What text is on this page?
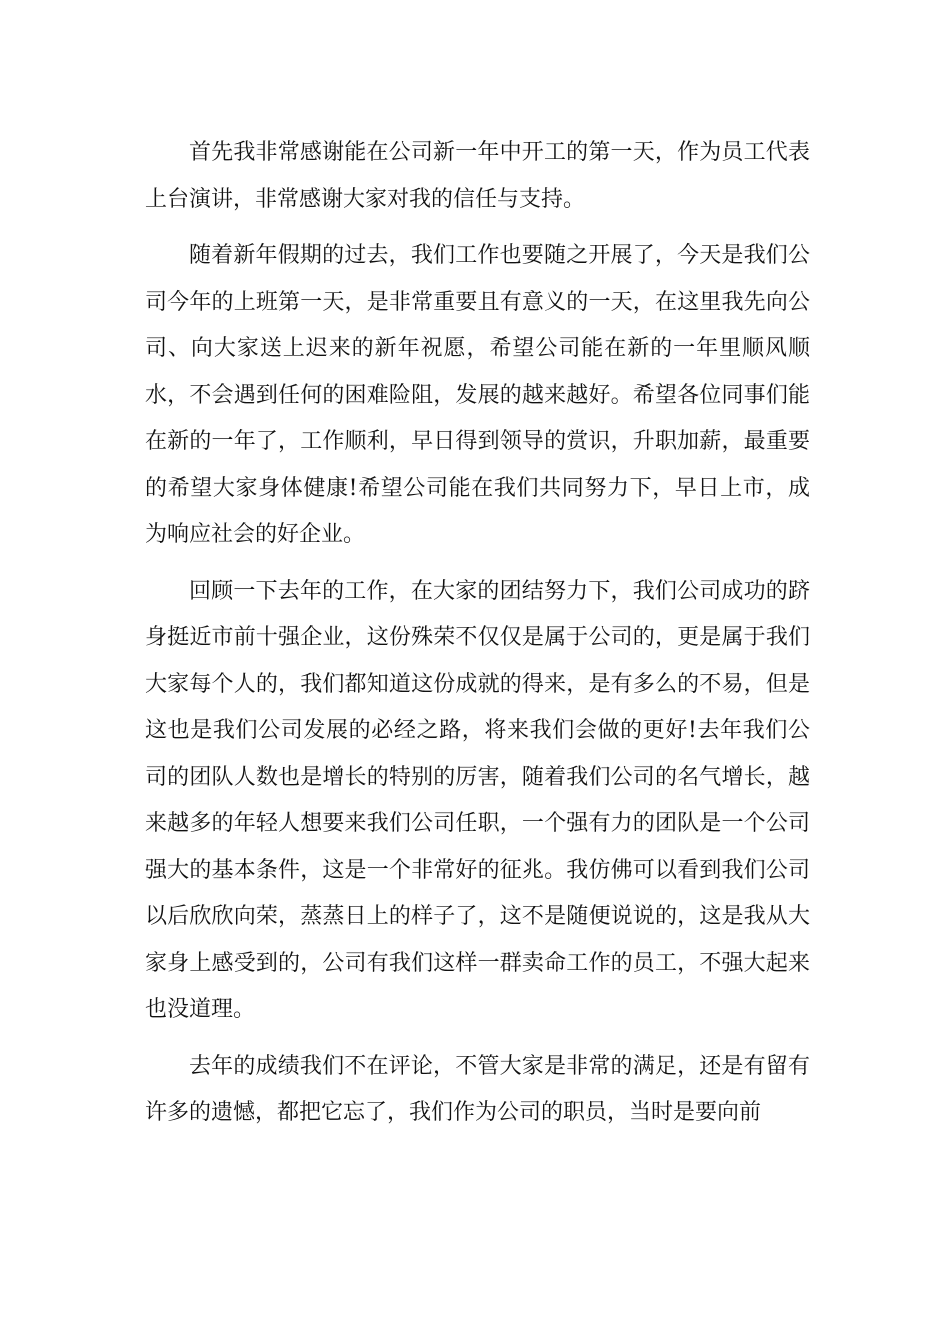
首先我非常感谢能在公司新一年中开工的第一天，作为员工代表上台演讲，非常感谢大家对我的信任与支持。

随着新年假期的过去，我们工作也要随之开展了，今天是我们公司今年的上班第一天，是非常重要且有意义的一天，在这里我先向公司、向大家送上迟来的新年祝愿，希望公司能在新的一年里顺风顺水，不会遇到任何的困难险阻，发展的越来越好。希望各位同事们能在新的一年了，工作顺利，早日得到领导的赏识，升职加薪，最重要的希望大家身体健康!希望公司能在我们共同努力下，早日上市，成为响应社会的好企业。

回顾一下去年的工作，在大家的团结努力下，我们公司成功的跻身挺近市前十强企业，这份殊荣不仅仅是属于公司的，更是属于我们大家每个人的，我们都知道这份成就的得来，是有多么的不易，但是这也是我们公司发展的必经之路，将来我们会做的更好!去年我们公司的团队人数也是增长的特别的厉害，随着我们公司的名气增长，越来越多的年轻人想要来我们公司任职，一个强有力的团队是一个公司强大的基本条件，这是一个非常好的征兆。我仿佛可以看到我们公司以后欣欣向荣，蒸蒸日上的样子了，这不是随便说说的，这是我从大家身上感受到的，公司有我们这样一群卖命工作的员工，不强大起来也没道理。

去年的成绩我们不在评论，不管大家是非常的满足，还是有留有许多的遗憾，都把它忘了，我们作为公司的职员，当时是要向前
